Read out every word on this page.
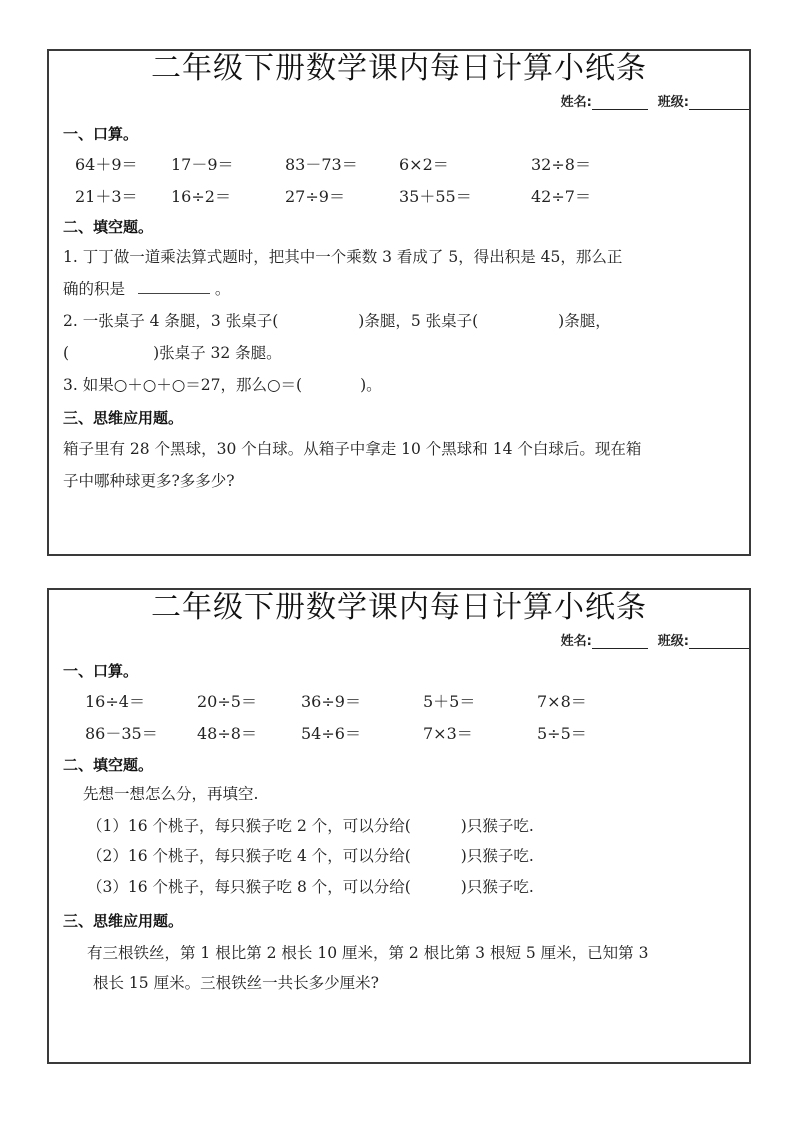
二年级下册数学课内每日计算小纸条
姓名:	班级:
一、口算。
64＋9＝ 17－9＝	83－73＝	6×2＝	32÷8＝
21＋3＝ 16÷2＝	27÷9＝	35＋55＝	42÷7＝
二、填空题。
1. 丁丁做一道乘法算式题时，把其中一个乘数 3 看成了 5，得出积是 45，那么正
确的积是	。
2. 一张桌子 4 条腿，3 张桌子(	)条腿，5 张桌子(	)条腿，
(	)张桌子 32 条腿。
3. 如果○＋○＋○＝27，那么○＝(	)。
三、思维应用题。
箱子里有 28 个黑球，30 个白球。从箱子中拿走 10 个黑球和 14 个白球后。现在箱
子中哪种球更多?多多少?
二年级下册数学课内每日计算小纸条
姓名:	班级:
一、口算。
16÷4＝	20÷5＝	36÷9＝	5＋5＝	7×8＝
86－35＝ 48÷8＝	54÷6＝	7×3＝	5÷5＝
二、填空题。
先想一想怎么分，再填空.
（1）16 个桃子，每只猴子吃 2 个，可以分给(	)只猴子吃.
（2）16 个桃子，每只猴子吃 4 个，可以分给(	)只猴子吃.
（3）16 个桃子，每只猴子吃 8 个，可以分给(	)只猴子吃.
三、思维应用题。
有三根铁丝，第 1 根比第 2 根长 10 厘米，第 2 根比第 3 根短 5 厘米，已知第 3
根长 15 厘米。三根铁丝一共长多少厘米?
